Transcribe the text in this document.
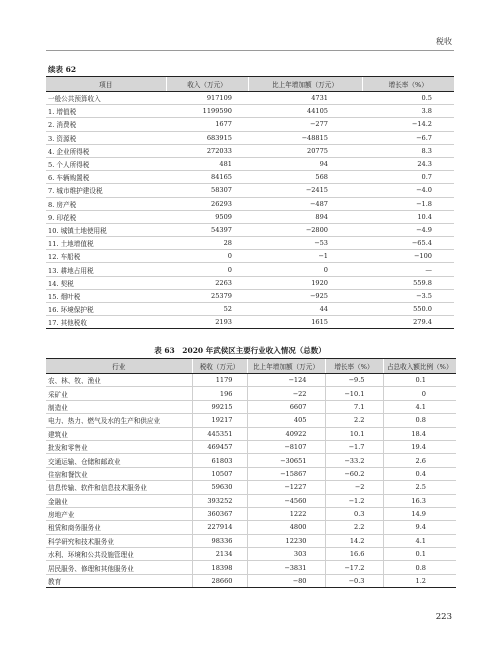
税收
续表 62
项目	收入（万元）	比上年增加额（万元）	增长率（%）
一般公共预算收入	917109	4731	0.5
1. 增值税	1199590	44105	3.8
2. 消费税	1677	−277	−14.2
3. 资源税	683915	−48815	−6.7
4. 企业所得税	272033	20775	8.3
5. 个人所得税	481	94	24.3
6. 车辆购置税	84165	568	0.7
7. 城市维护建设税	58307	−2415	−4.0
8. 房产税	26293	−487	−1.8
9. 印花税	9509	894	10.4
10. 城镇土地使用税	54397	−2800	−4.9
11. 土地增值税	28	−53	−65.4
12. 车船税	0	−1	−100
13. 耕地占用税	0	0	—
14. 契税	2263	1920	559.8
15. 烟叶税	25379	−925	−3.5
16. 环境保护税	52	44	550.0
17. 其他税收	2193	1615	279.4
表 63　2020 年武侯区主要行业收入情况（总数）
行业	税收（万元）	比上年增加额（万元）	增长率（%）	占总收入额比例（%）
农、林、牧、渔业	1179	−124	−9.5	0.1
采矿业	196	−22	−10.1	0
制造业	99215	6607	7.1	4.1
电力、热力、燃气及水的生产和供应业	19217	405	2.2	0.8
建筑业	445351	40922	10.1	18.4
批发和零售业	469457	−8107	−1.7	19.4
交通运输、仓储和邮政业	61803	−30651	−33.2	2.6
住宿和餐饮业	10507	−15867	−60.2	0.4
信息传输、软件和信息技术服务业	59630	−1227	−2	2.5
金融业	393252	−4560	−1.2	16.3
房地产业	360367	1222	0.3	14.9
租赁和商务服务业	227914	4800	2.2	9.4
科学研究和技术服务业	98336	12230	14.2	4.1
水利、环境和公共设施管理业	2134	303	16.6	0.1
居民服务、修理和其他服务业	18398	−3831	−17.2	0.8
教育	28660	−80	−0.3	1.2
223
